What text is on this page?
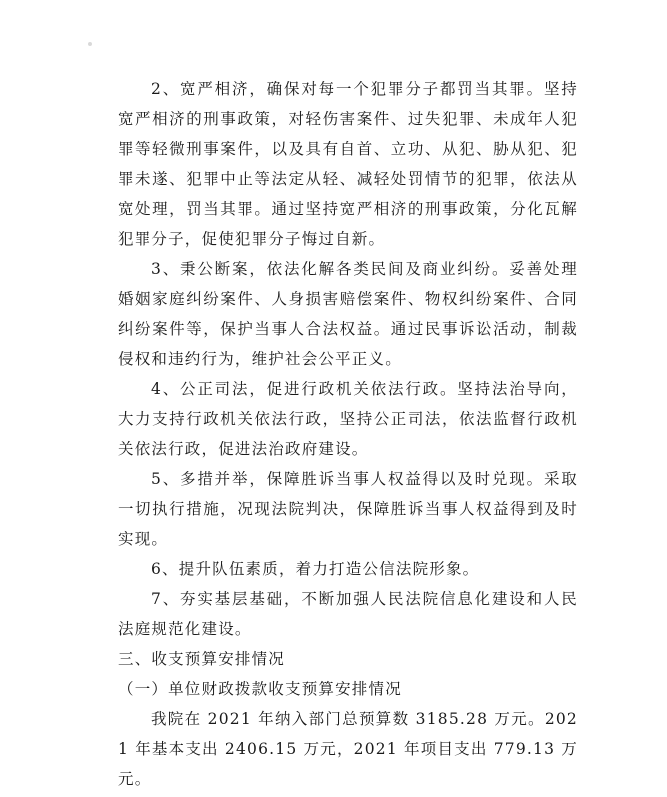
2、宽严相济，确保对每一个犯罪分子都罚当其罪。坚持宽严相济的刑事政策，对轻伤害案件、过失犯罪、未成年人犯罪等轻微刑事案件，以及具有自首、立功、从犯、胁从犯、犯罪未遂、犯罪中止等法定从轻、减轻处罚情节的犯罪，依法从宽处理，罚当其罪。通过坚持宽严相济的刑事政策，分化瓦解犯罪分子，促使犯罪分子悔过自新。

3、秉公断案，依法化解各类民间及商业纠纷。妥善处理婚姻家庭纠纷案件、人身损害赔偿案件、物权纠纷案件、合同纠纷案件等，保护当事人合法权益。通过民事诉讼活动，制裁侵权和违约行为，维护社会公平正义。

4、公正司法，促进行政机关依法行政。坚持法治导向，大力支持行政机关依法行政，坚持公正司法，依法监督行政机关依法行政，促进法治政府建设。

5、多措并举，保障胜诉当事人权益得以及时兑现。采取一切执行措施，况现法院判决，保障胜诉当事人权益得到及时实现。

6、提升队伍素质，着力打造公信法院形象。

7、夯实基层基础，不断加强人民法院信息化建设和人民法庭规范化建设。

三、收支预算安排情况

（一）单位财政拨款收支预算安排情况

我院在 2021 年纳入部门总预算数 3185.28 万元。2021 年基本支出 2406.15 万元，2021 年项目支出 779.13 万元。
